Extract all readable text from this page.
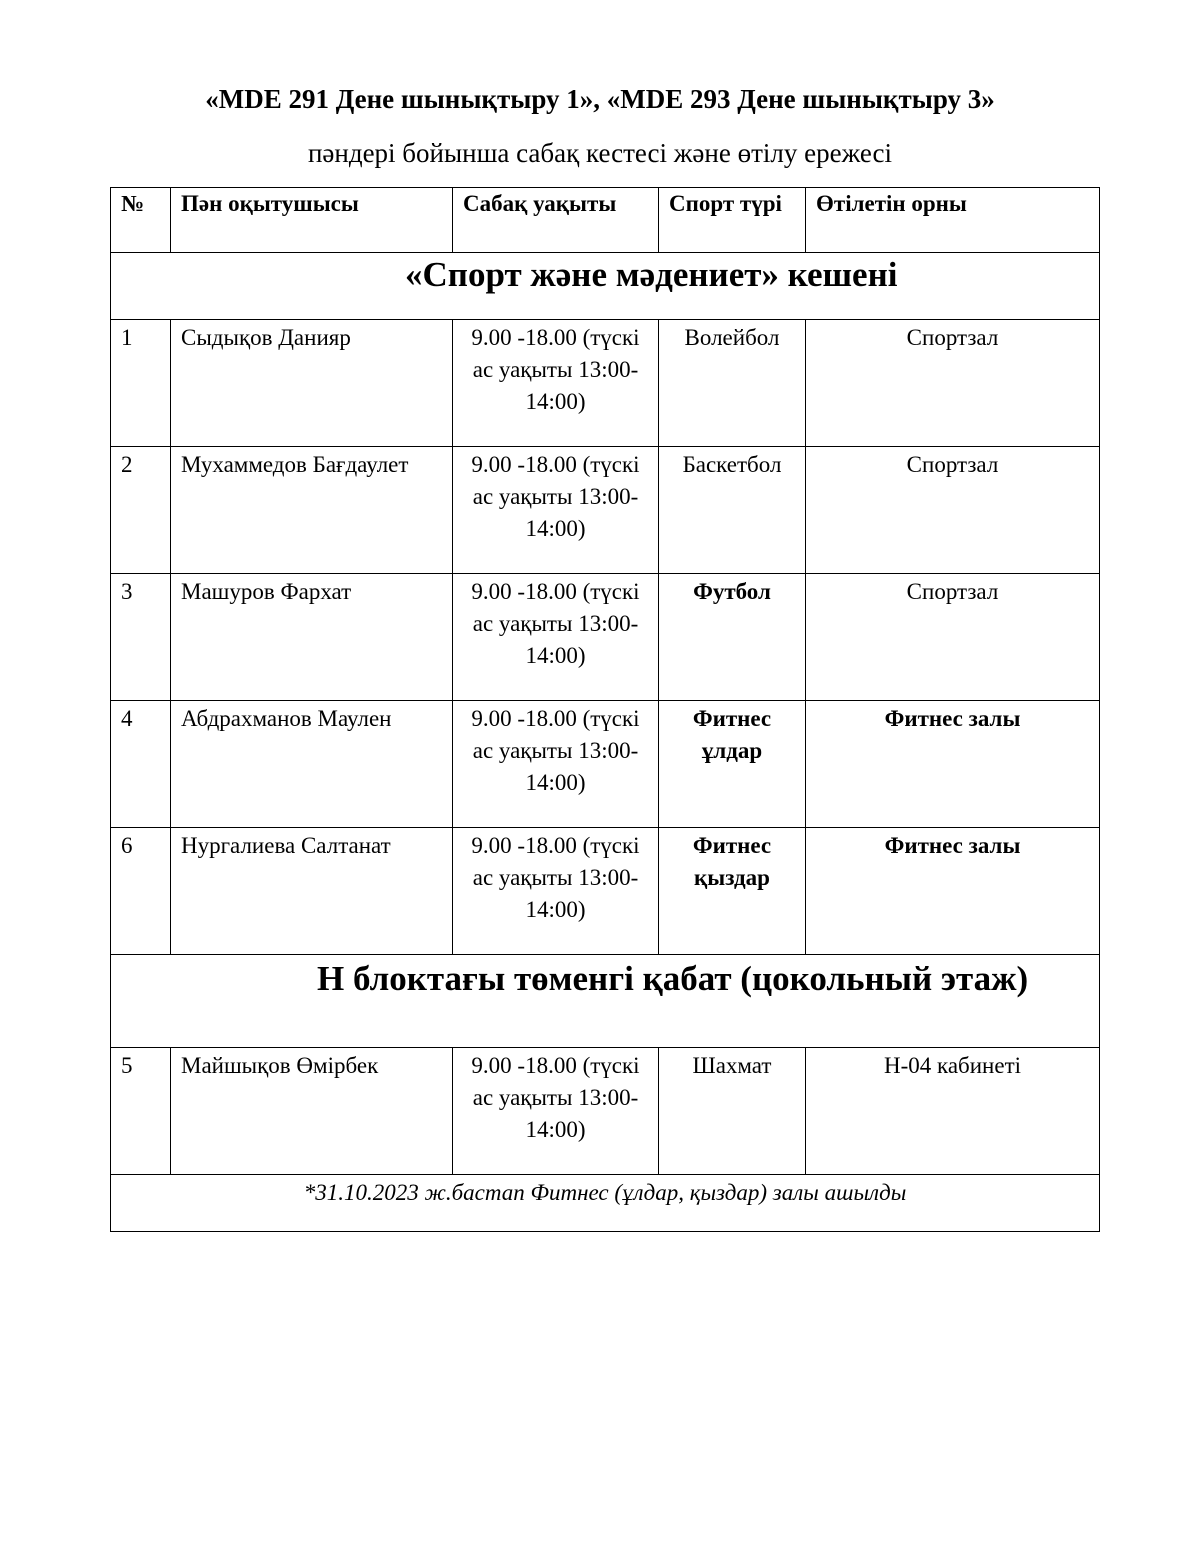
«MDE 291 Дене шынықтыру 1», «MDE 293 Дене шынықтыру 3»
пәндері бойынша сабақ кестесі және өтілу ережесі
№	Пән оқытушысы	Сабақ уақыты	Спорт түрі	Өтілетін орны
«Спорт және мәдениет» кешені				
1	Сыдықов Данияр	9.00 -18.00 (түскі ас уақыты 13:00-14:00)	Волейбол	Спортзал
2	Мухаммедов Бағдаулет	9.00 -18.00 (түскі ас уақыты 13:00-14:00)	Баскетбол	Спортзал
3	Машуров Фархат	9.00 -18.00 (түскі ас уақыты 13:00-14:00)	Футбол	Спортзал
4	Абдрахманов Маулен	9.00 -18.00 (түскі ас уақыты 13:00-14:00)	Фитнес ұлдар	Фитнес залы
6	Нургалиева Салтанат	9.00 -18.00 (түскі ас уақыты 13:00-14:00)	Фитнес қыздар	Фитнес залы

Н блоктағы төменгі қабат (цокольный этаж)				

5	Майшықов Өмірбек	9.00 -18.00 (түскі ас уақыты 13:00-14:00)	Шахмат	Н-04 кабинеті
*31.10.2023 ж.бастап Фитнес (ұлдар, қыздар) залы ашылды				
